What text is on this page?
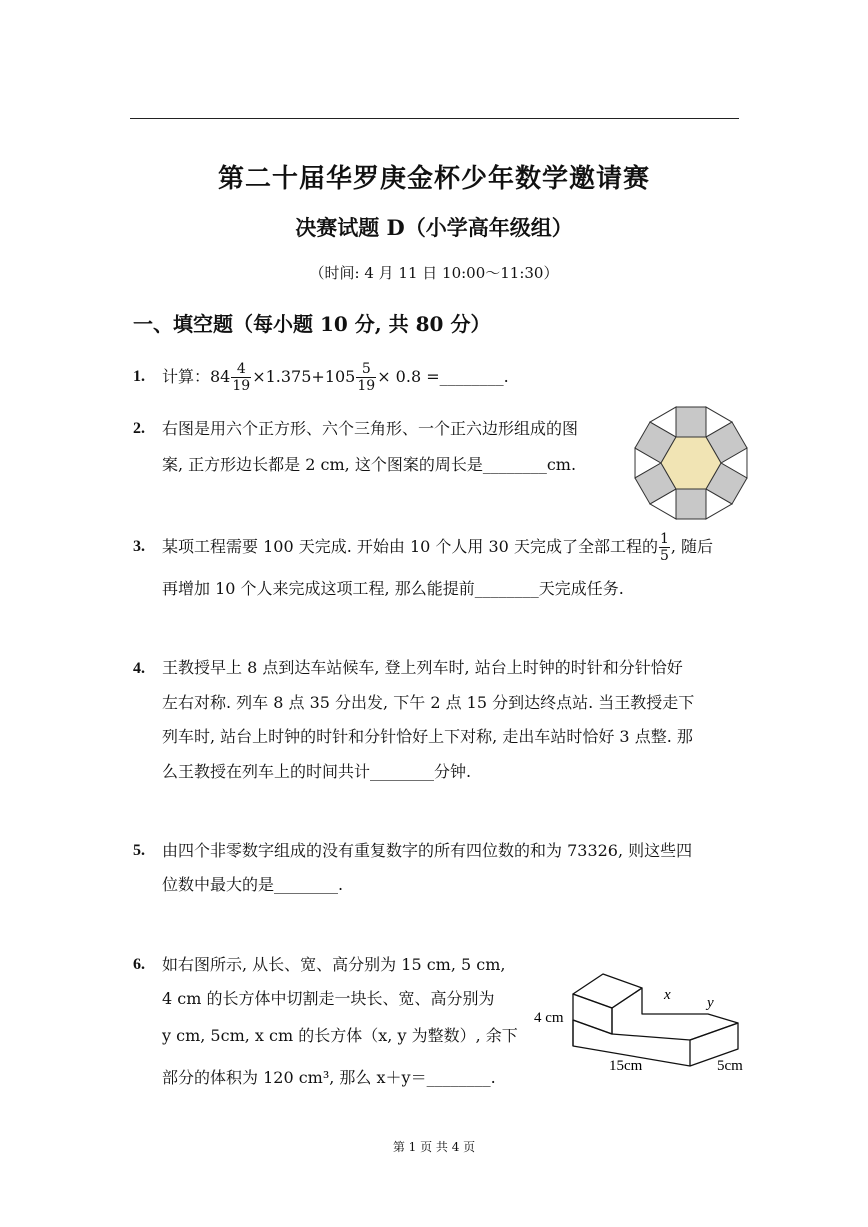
第二十届华罗庚金杯少年数学邀请赛
决赛试题 D（小学高年级组）
（时间: 4 月 11 日 10:00～11:30）
一、填空题（每小题 10 分, 共 80 分）
1. 计算：$84 \frac{4}{19} \times 1.375+105 \frac{5}{19} \times 0.8$ =________.
2. 右图是用六个正方形、六个三角形、一个正六边形组成的图
案, 正方形边长都是 2 cm, 这个图案的周长是________cm.
3. 某项工程需要 100 天完成. 开始由 10 个人用 30 天完成了全部工程的 $\frac{1}{5}$ , 随后
再增加 10 个人来完成这项工程, 那么能提前________天完成任务.
4. 王教授早上 8 点到达车站候车, 登上列车时, 站台上时钟的时针和分针恰好
左右对称. 列车 8 点 35 分出发, 下午 2 点 15 分到达终点站. 当王教授走下
列车时, 站台上时钟的时针和分针恰好上下对称, 走出车站时恰好 3 点整. 那
么王教授在列车上的时间共计________分钟.
5. 由四个非零数字组成的没有重复数字的所有四位数的和为 73326, 则这些四
位数中最大的是________.
6. 如右图所示, 从长、宽、高分别为 15 cm, 5 cm,
4 cm 的长方体中切割走一块长、宽、高分别为
y cm, 5cm, x cm 的长方体（x, y 为整数）, 余下
部分的体积为 120 cm³, 那么 x＋y＝________.
x y
4 cm
15cm	5cm
第 1 页 共 4 页
